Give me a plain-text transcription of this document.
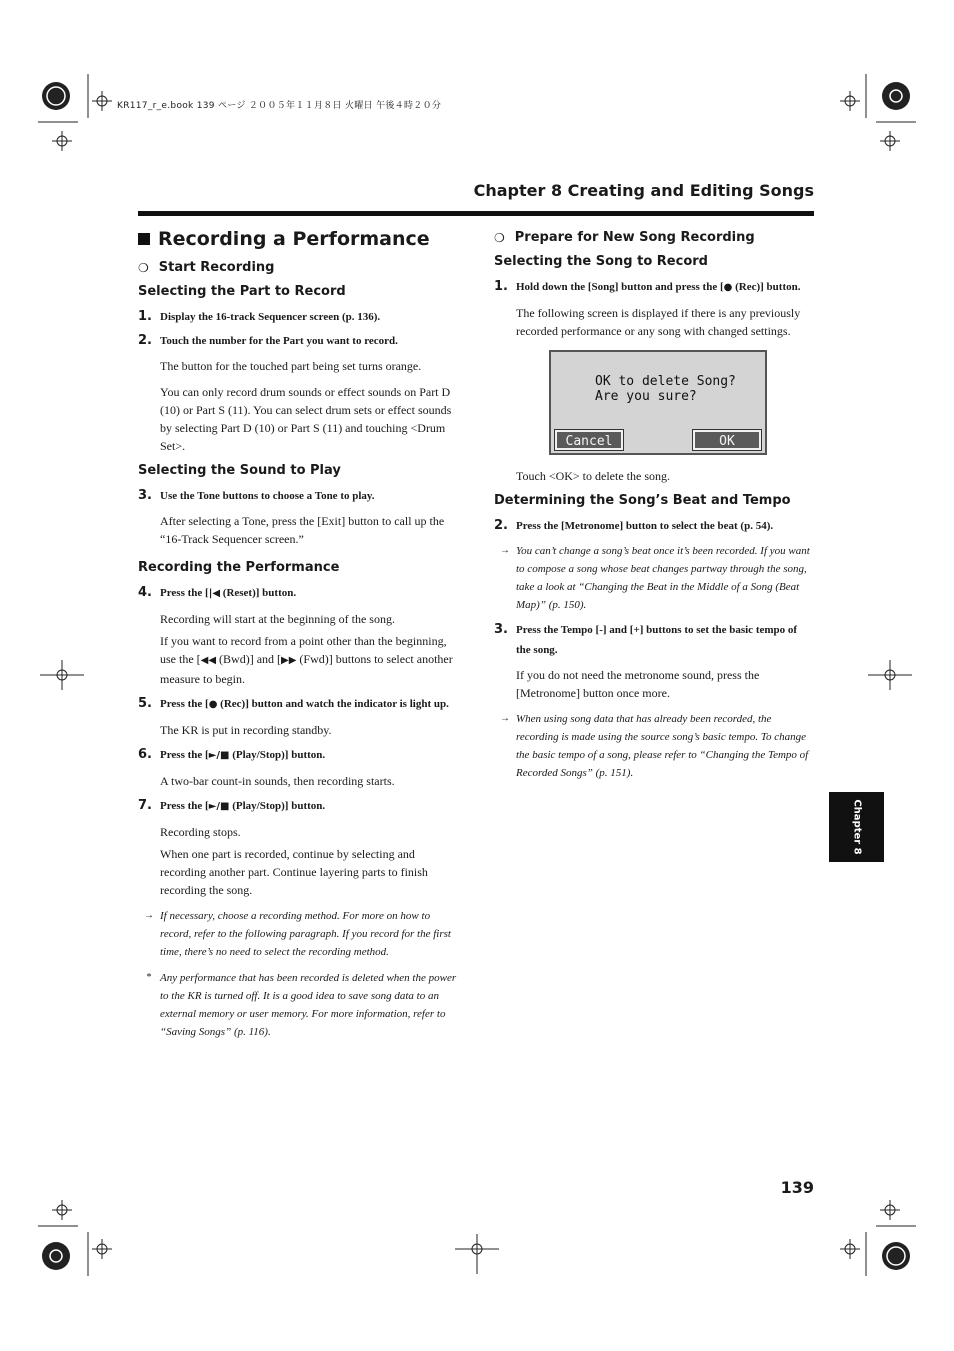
KR117_r_e.book 139 ページ ２００５年１１月８日 火曜日 午後４時２０分
Chapter 8 Creating and Editing Songs
Recording a Performance
❍ Start Recording
Selecting the Part to Record
1. Display the 16-track Sequencer screen (p. 136).
2. Touch the number for the Part you want to record.

The button for the touched part being set turns orange.

You can only record drum sounds or effect sounds on Part D (10) or Part S (11). You can select drum sets or effect sounds by selecting Part D (10) or Part S (11) and touching <Drum Set>.

Selecting the Sound to Play
3. Use the Tone buttons to choose a Tone to play.

After selecting a Tone, press the [Exit] button to call up the “16-Track Sequencer screen.”

Recording the Performance
4. Press the [|◀ (Reset)] button.

Recording will start at the beginning of the song.

If you want to record from a point other than the beginning, use the [◀◀ (Bwd)] and [▶▶ (Fwd)] buttons to select another measure to begin.

5. Press the [● (Rec)] button and watch the indicator is light up.

The KR is put in recording standby.

6. Press the [►/■ (Play/Stop)] button.

A two-bar count-in sounds, then recording starts.

7. Press the [►/■ (Play/Stop)] button.

Recording stops.

When one part is recorded, continue by selecting and recording another part. Continue layering parts to finish recording the song.

→ If necessary, choose a recording method. For more on how to record, refer to the following paragraph. If you record for the first time, there’s no need to select the recording method.
* Any performance that has been recorded is deleted when the power to the KR is turned off. It is a good idea to save song data to an external memory or user memory. For more information, refer to “Saving Songs” (p. 116).
❍ Prepare for New Song Recording
Selecting the Song to Record
1. Hold down the [Song] button and press the [● (Rec)] button.

The following screen is displayed if there is any previously recorded performance or any song with changed settings.

OK to delete Song?
Are you sure?
Cancel	OK

Touch <OK> to delete the song.

Determining the Song’s Beat and Tempo
2. Press the [Metronome] button to select the beat (p. 54).
→ You can’t change a song’s beat once it’s been recorded. If you want to compose a song whose beat changes partway through the song, take a look at “Changing the Beat in the Middle of a Song (Beat Map)” (p. 150).
3. Press the Tempo [-] and [+] buttons to set the basic tempo of the song.

If you do not need the metronome sound, press the [Metronome] button once more.

→ When using song data that has already been recorded, the recording is made using the source song’s basic tempo. To change the basic tempo of a song, please refer to “Changing the Tempo of Recorded Songs” (p. 151).
Chapter 8
139
